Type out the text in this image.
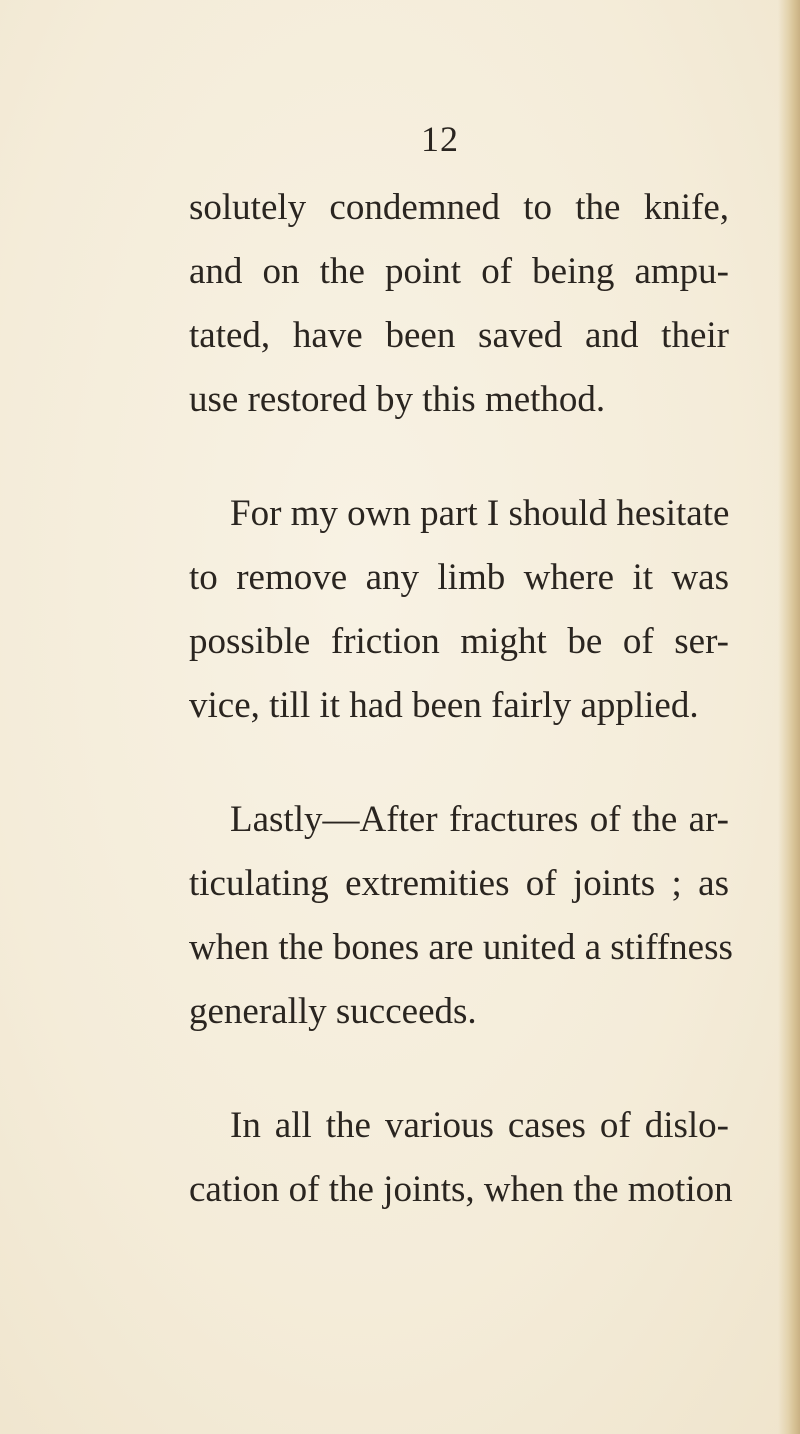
12
solutely condemned to the knife,
and on the point of being ampu-
tated, have been saved and their
use restored by this method.
For my own part I should hesitate
to remove any limb where it was
possible friction might be of ser-
vice, till it had been fairly applied.
Lastly—After fractures of the ar-
ticulating extremities of joints ; as
when the bones are united a stiffness
generally succeeds.
In all the various cases of dislo-
cation of the joints, when the motion
